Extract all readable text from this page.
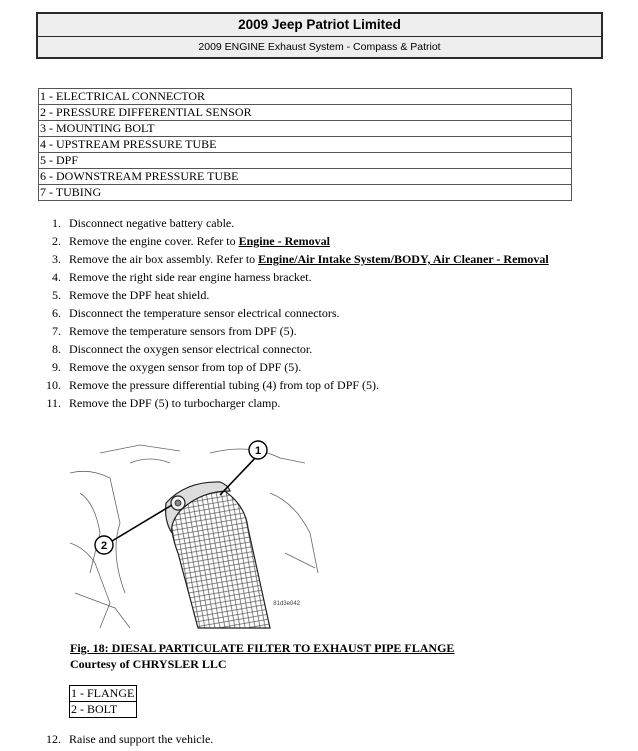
2009 Jeep Patriot Limited
2009 ENGINE Exhaust System - Compass & Patriot
1 - ELECTRICAL CONNECTOR
2 - PRESSURE DIFFERENTIAL SENSOR
3 - MOUNTING BOLT
4 - UPSTREAM PRESSURE TUBE
5 - DPF
6 - DOWNSTREAM PRESSURE TUBE
7 - TUBING
1. Disconnect negative battery cable.
2. Remove the engine cover. Refer to Engine - Removal
3. Remove the air box assembly. Refer to Engine/Air Intake System/BODY, Air Cleaner - Removal
4. Remove the right side rear engine harness bracket.
5. Remove the DPF heat shield.
6. Disconnect the temperature sensor electrical connectors.
7. Remove the temperature sensors from DPF (5).
8. Disconnect the oxygen sensor electrical connector.
9. Remove the oxygen sensor from top of DPF (5).
10. Remove the pressure differential tubing (4) from top of DPF (5).
11. Remove the DPF (5) to turbocharger clamp.
1
2
81d3e042
Fig. 18: DIESAL PARTICULATE FILTER TO EXHAUST PIPE FLANGE
Courtesy of CHRYSLER LLC
1 - FLANGE
2 - BOLT
12. Raise and support the vehicle.
